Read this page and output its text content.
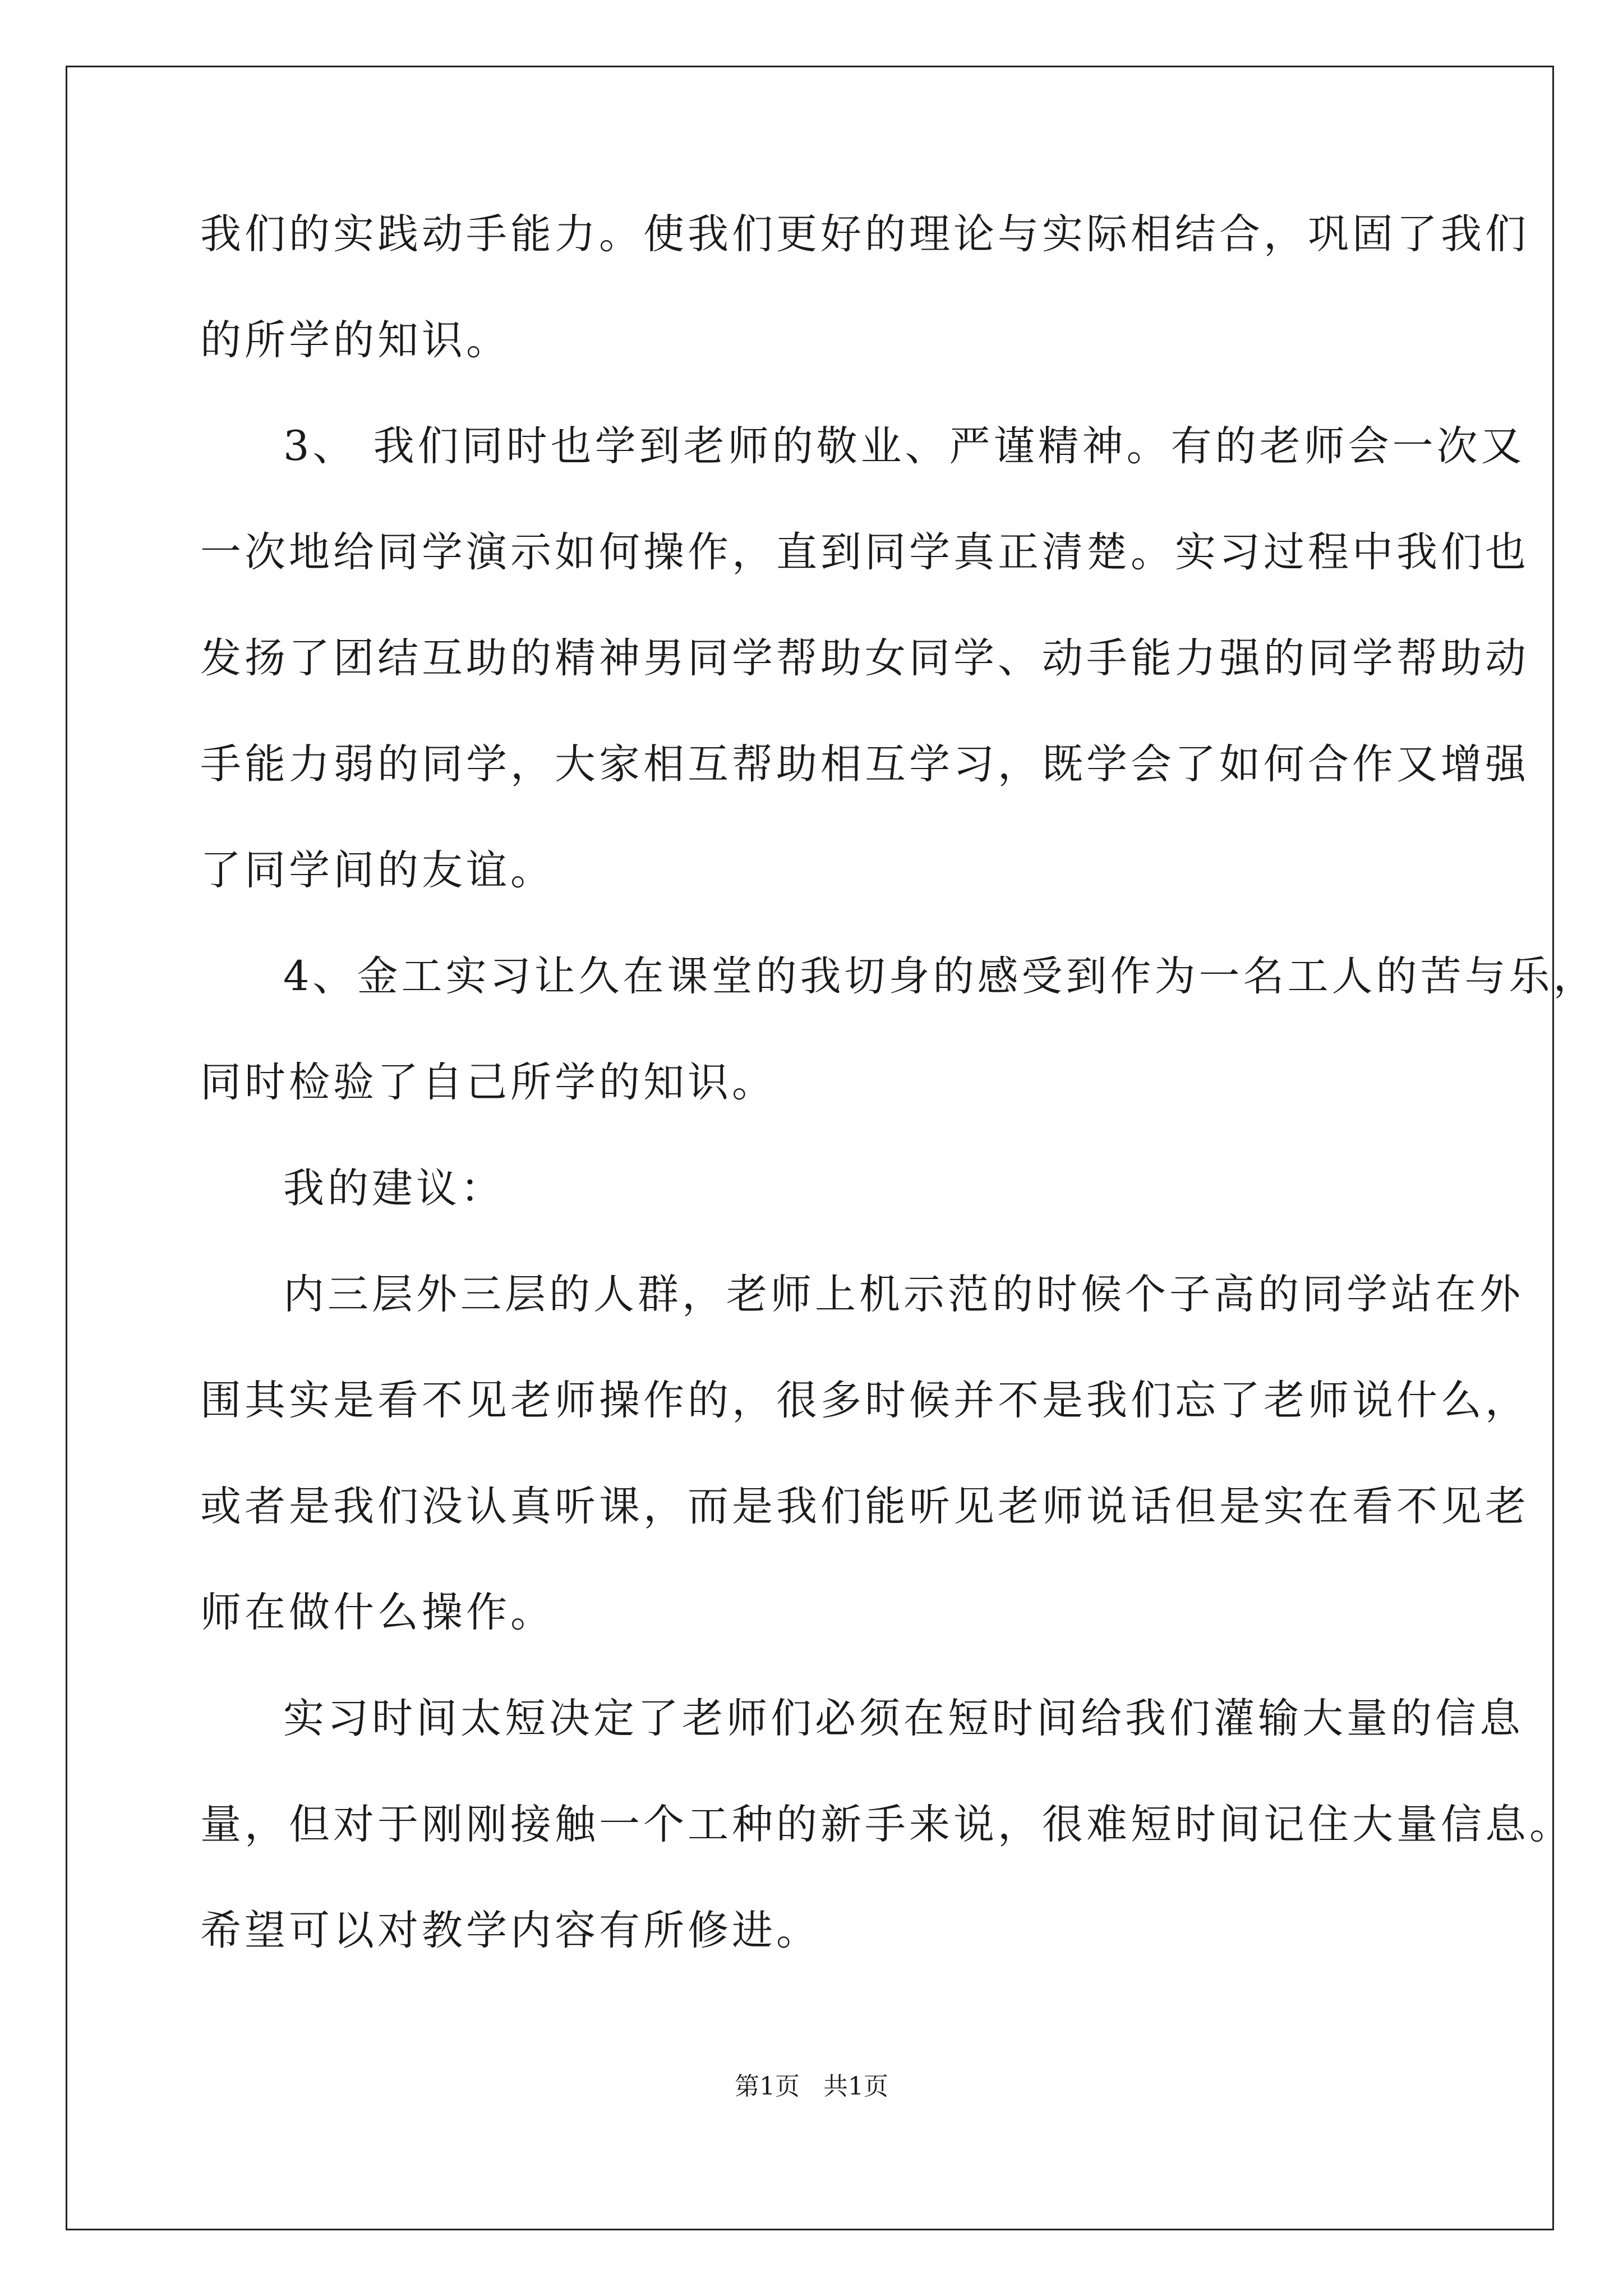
我们的实践动手能力。使我们更好的理论与实际相结合，巩固了我们
的所学的知识。
3、 我们同时也学到老师的敬业、严谨精神。有的老师会一次又
一次地给同学演示如何操作，直到同学真正清楚。实习过程中我们也
发扬了团结互助的精神男同学帮助女同学、动手能力强的同学帮助动
手能力弱的同学，大家相互帮助相互学习，既学会了如何合作又增强
了同学间的友谊。
4、金工实习让久在课堂的我切身的感受到作为一名工人的苦与乐，
同时检验了自己所学的知识。
我的建议：
内三层外三层的人群，老师上机示范的时候个子高的同学站在外
围其实是看不见老师操作的，很多时候并不是我们忘了老师说什么，
或者是我们没认真听课，而是我们能听见老师说话但是实在看不见老
师在做什么操作。
实习时间太短决定了老师们必须在短时间给我们灌输大量的信息
量，但对于刚刚接触一个工种的新手来说，很难短时间记住大量信息。
希望可以对教学内容有所修进。
第1页   共1页
